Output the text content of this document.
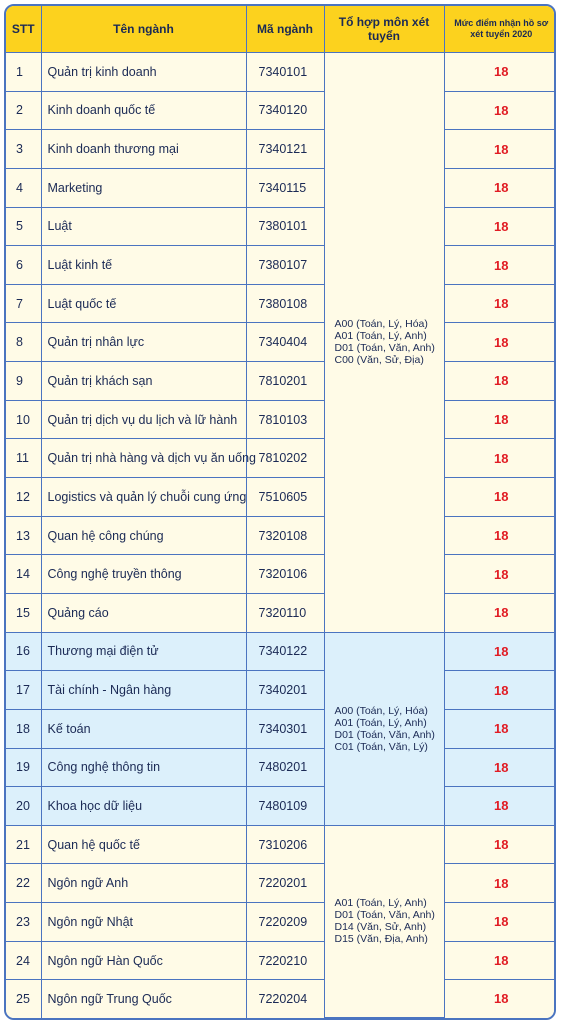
STT	Tên ngành	Mã ngành	Tổ hợp môn xét tuyển	Mức điểm nhận hồ sơ xét tuyển 2020
1	Quản trị kinh doanh	7340101	A00 (Toán, Lý, Hóa)
A01 (Toán, Lý, Anh)
D01 (Toán, Văn, Anh)
C00 (Văn, Sử, Địa)	18
2	Kinh doanh quốc tế	7340120		18
3	Kinh doanh thương mại	7340121		18
4	Marketing	7340115		18
5	Luật	7380101		18
6	Luật kinh tế	7380107		18
7	Luật quốc tế	7380108		18
8	Quản trị nhân lực	7340404		18
9	Quản trị khách sạn	7810201		18
10	Quản trị dịch vụ du lịch và lữ hành	7810103		18
11	Quản trị nhà hàng và dịch vụ ăn uống	7810202		18
12	Logistics và quản lý chuỗi cung ứng	7510605		18
13	Quan hệ công chúng	7320108		18
14	Công nghệ truyền thông	7320106		18
15	Quảng cáo	7320110		18
16	Thương mại điện tử	7340122	A00 (Toán, Lý, Hóa)
A01 (Toán, Lý, Anh)
D01 (Toán, Văn, Anh)
C01 (Toán, Văn, Lý)	18
17	Tài chính - Ngân hàng	7340201		18
18	Kế toán	7340301		18
19	Công nghệ thông tin	7480201		18
20	Khoa học dữ liệu	7480109		18
21	Quan hệ quốc tế	7310206	A01 (Toán, Lý, Anh)
D01 (Toán, Văn, Anh)
D14 (Văn, Sử, Anh)
D15 (Văn, Địa, Anh)	18
22	Ngôn ngữ Anh	7220201		18
23	Ngôn ngữ Nhật	7220209		18
24	Ngôn ngữ Hàn Quốc	7220210		18
25	Ngôn ngữ Trung Quốc	7220204		18
